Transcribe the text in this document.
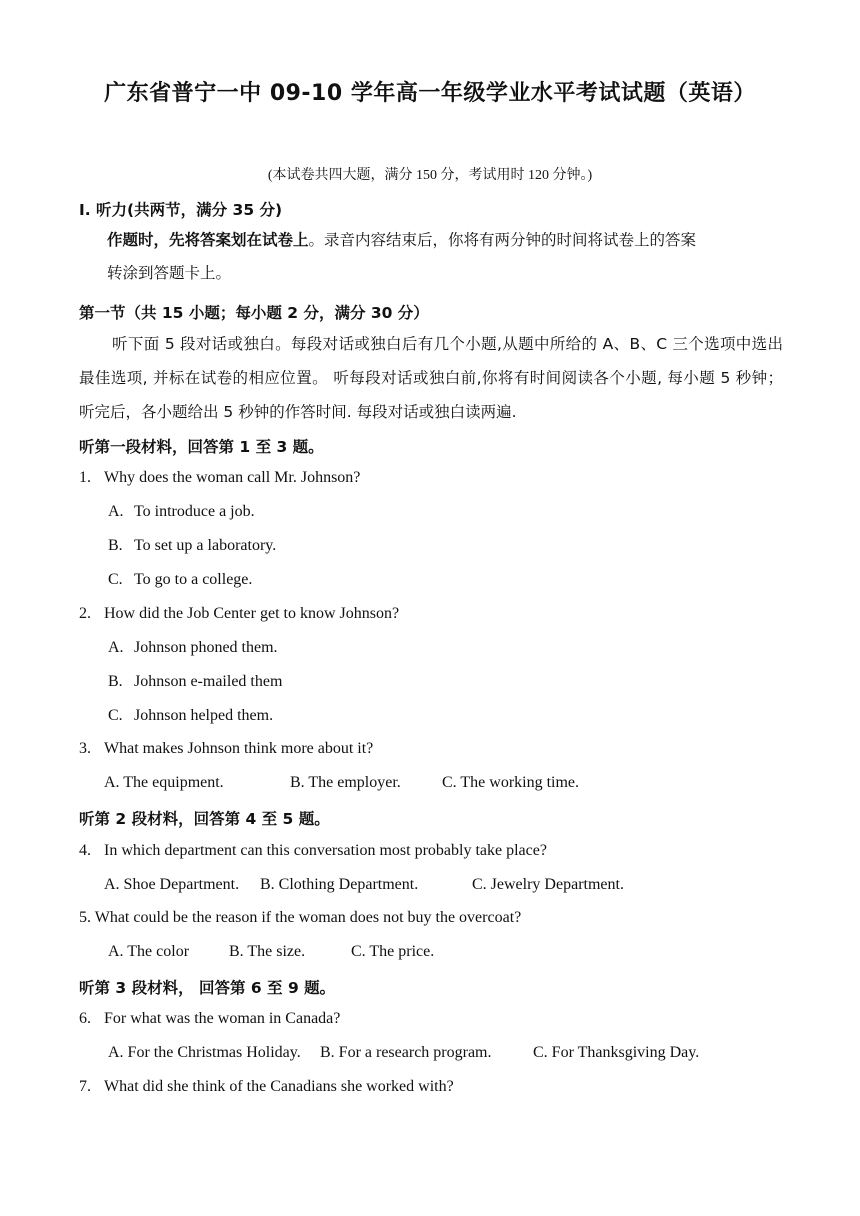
广东省普宁一中 09-10 学年高一年级学业水平考试试题（英语）
(本试卷共四大题，满分 150 分，考试用时 120 分钟。)
I. 听力(共两节，满分 35 分)
作题时，先将答案划在试卷上。录音内容结束后，你将有两分钟的时间将试卷上的答案
转涂到答题卡上。
第一节（共 15 小题；每小题 2 分，满分 30 分）
听下面 5 段对话或独白。每段对话或独白后有几个小题,从题中所给的 A、B、C 三个选项中选出最佳选项, 并标在试卷的相应位置。 听每段对话或独白前,你将有时间阅读各个小题, 每小题 5 秒钟； 听完后，各小题给出 5 秒钟的作答时间. 每段对话或独白读两遍.
听第一段材料，回答第 1 至 3 题。
1. Why does the woman call Mr. Johnson?
A. To introduce a job.
B. To set up a laboratory.
C. To go to a college.
2. How did the Job Center get to know Johnson?
A. Johnson phoned them.
B. Johnson e-mailed them
C. Johnson helped them.
3. What makes Johnson think more about it?
A. The equipment.	B. The employer.	C. The working time.
听第 2 段材料，回答第 4 至 5 题。
4. In which department can this conversation most probably take place?
A. Shoe Department. B. Clothing Department.	C. Jewelry Department.
5. What could be the reason if the woman does not buy the overcoat?
A. The color B. The size.	C. The price.
听第 3 段材料， 回答第 6 至 9 题。
6. For what was the woman in Canada?
A. For the Christmas Holiday. B. For a research program.	C. For Thanksgiving Day.
7. What did she think of the Canadians she worked with?
